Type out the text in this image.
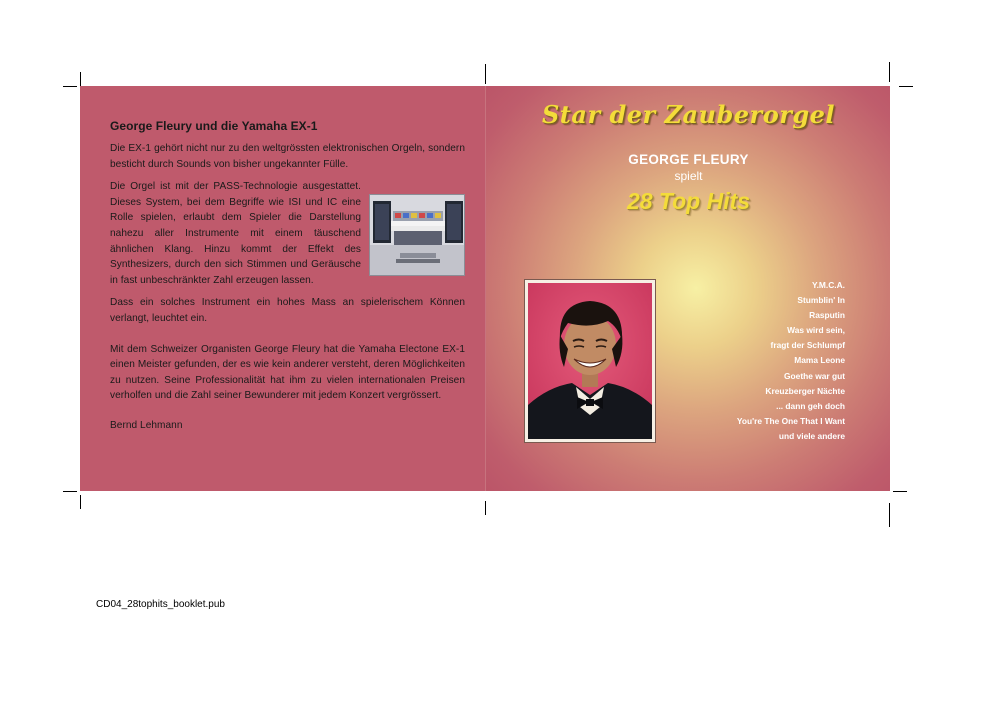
George Fleury und die Yamaha EX-1

Die EX-1 gehört nicht nur zu den weltgrössten elektronischen Orgeln, sondern besticht durch Sounds von bisher ungekannter Fülle.

Die Orgel ist mit der PASS-Technologie ausgestattet. Dieses System, bei dem Begriffe wie ISI und IC eine Rolle spielen, erlaubt dem Spieler die Darstellung nahezu aller Instrumente mit einem täuschend ähnlichen Klang. Hinzu kommt der Effekt des Synthesizers, durch den sich Stimmen und Geräusche in fast unbeschränkter Zahl erzeugen lassen.

Dass ein solches Instrument ein hohes Mass an spielerischem Können verlangt, leuchtet ein.

Mit dem Schweizer Organisten George Fleury hat die Yamaha Electone EX-1 einen Meister gefunden, der es wie kein anderer versteht, deren Möglichkeiten zu nutzen. Seine Professionalität hat ihm zu vielen internationalen Preisen verholfen und die Zahl seiner Bewunderer mit jedem Konzert vergrössert.

Bernd Lehmann

Star der Zauberorgel
GEORGE FLEURY
spielt
28 Top Hits
Y.M.C.A.
Stumblin' In
Rasputin
Was wird sein,
fragt der Schlumpf
Mama Leone
Goethe war gut
Kreuzberger Nächte
... dann geh doch
You're The One That I Want
und viele andere
CD04_28tophits_booklet.pub
